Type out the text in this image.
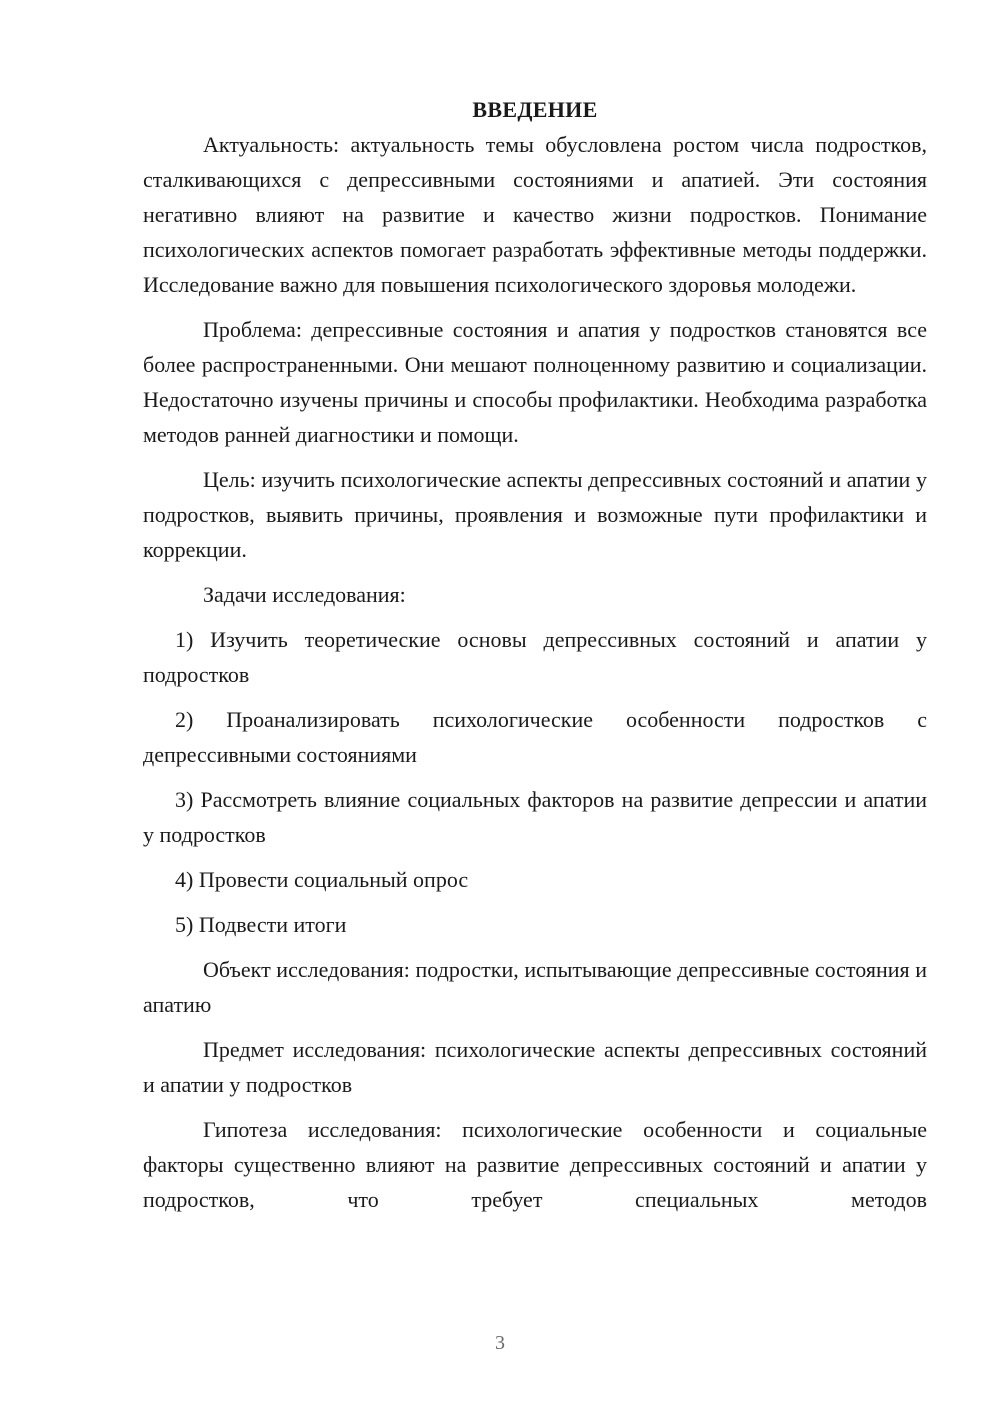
ВВЕДЕНИЕ

Актуальность: актуальность темы обусловлена ростом числа подростков, сталкивающихся с депрессивными состояниями и апатией. Эти состояния негативно влияют на развитие и качество жизни подростков. Понимание психологических аспектов помогает разработать эффективные методы поддержки. Исследование важно для повышения психологического здоровья молодежи.

Проблема: депрессивные состояния и апатия у подростков становятся все более распространенными. Они мешают полноценному развитию и социализации. Недостаточно изучены причины и способы профилактики. Необходима разработка методов ранней диагностики и помощи.

Цель: изучить психологические аспекты депрессивных состояний и апатии у подростков, выявить причины, проявления и возможные пути профилактики и коррекции.

Задачи исследования:

1) Изучить теоретические основы депрессивных состояний и апатии у подростков

2) Проанализировать психологические особенности подростков с депрессивными состояниями

3) Рассмотреть влияние социальных факторов на развитие депрессии и апатии у подростков

4) Провести социальный опрос

5) Подвести итоги

Объект исследования: подростки, испытывающие депрессивные состояния и апатию

Предмет исследования: психологические аспекты депрессивных состояний и апатии у подростков

Гипотеза исследования: психологические особенности и социальные факторы существенно влияют на развитие депрессивных состояний и апатии у подростков, что требует специальных методов

3
